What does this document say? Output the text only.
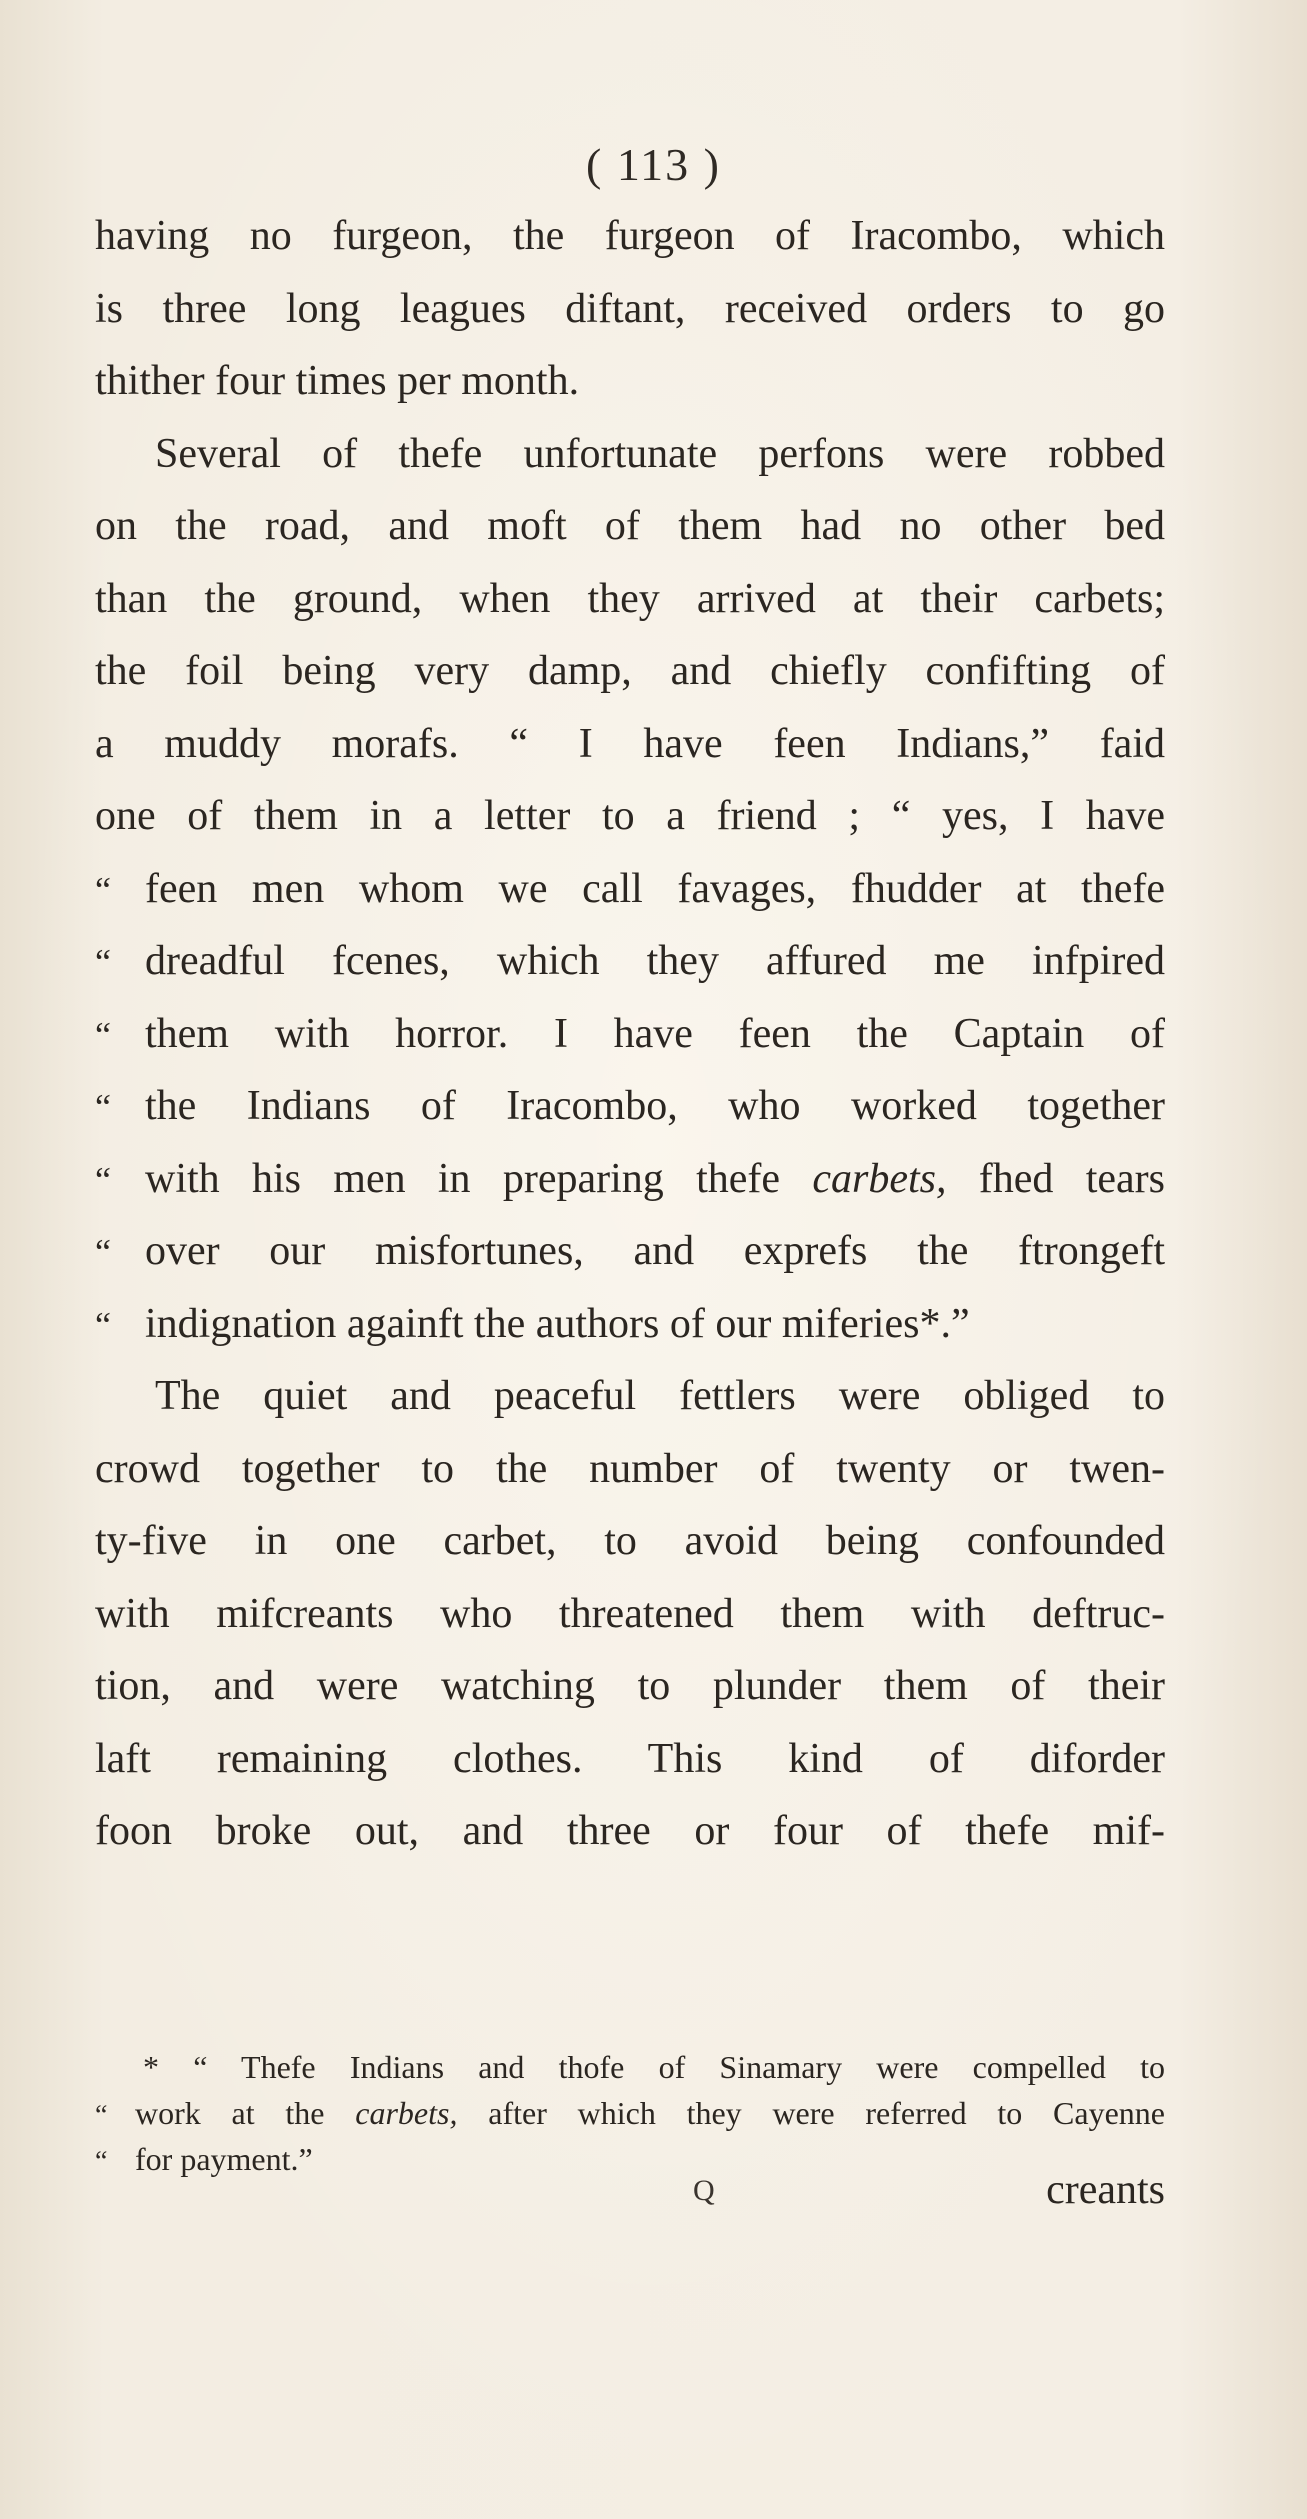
( 113 )
having no furgeon, the furgeon of Iracombo, which
is three long leagues diftant, received orders to go
thither four times per month.
Several of thefe unfortunate perfons were robbed
on the road, and moft of them had no other bed
than the ground, when they arrived at their carbets;
the foil being very damp, and chiefly confifting of
a muddy morafs. “ I have feen Indians,” faid
one of them in a letter to a friend ; “ yes, I have
“ feen men whom we call favages, fhudder at thefe
“ dreadful fcenes, which they affured me infpired
“ them with horror. I have feen the Captain of
“ the Indians of Iracombo, who worked together
“ with his men in preparing thefe carbets, fhed tears
“ over our misfortunes, and exprefs the ftrongeft
“ indignation againft the authors of our miferies*.”
The quiet and peaceful fettlers were obliged to
crowd together to the number of twenty or twen-
ty-five in one carbet, to avoid being confounded
with mifcreants who threatened them with deftruc-
tion, and were watching to plunder them of their
laft remaining clothes. This kind of diforder
foon broke out, and three or four of thefe mif-
* “ Thefe Indians and thofe of Sinamary were compelled to
“ work at the carbets, after which they were referred to Cayenne
“ for payment.”
Q	creants
